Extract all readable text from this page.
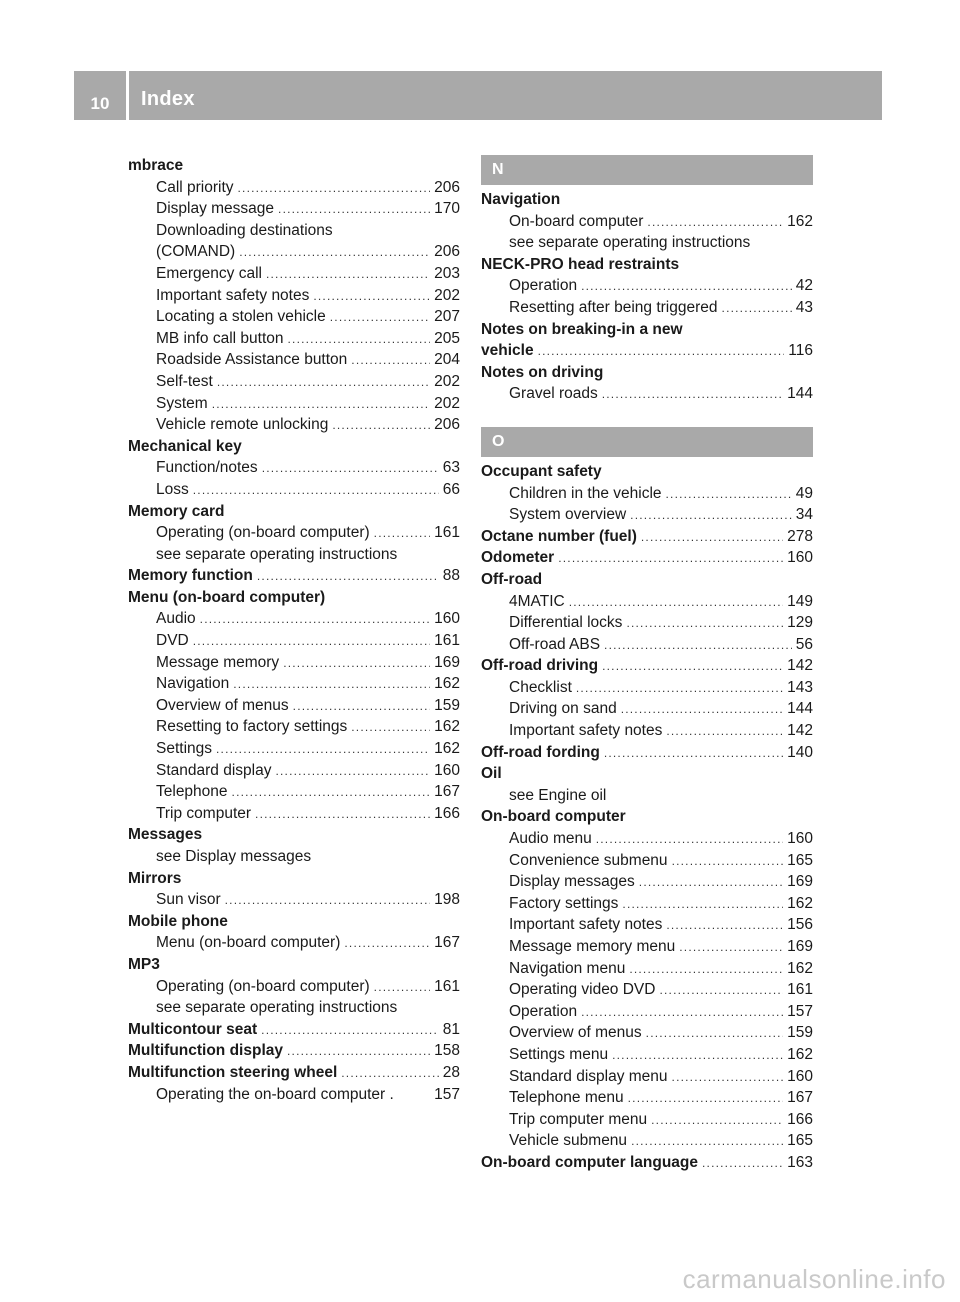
10	Index
mbrace
Call priority .....	206
Display message .....	170
Downloading destinations
(COMAND) .....	206
Emergency call .....	203
Important safety notes .....	202
Locating a stolen vehicle .....	207
MB info call button .....	205
Roadside Assistance button .....	204
Self-test .....	202
System .....	202
Vehicle remote unlocking .....	206
Mechanical key
Function/notes .....	63
Loss .....	66
Memory card
Operating (on-board computer) .....	161
see separate operating instructions
Memory function .....	88
Menu (on-board computer)
Audio .....	160
DVD .....	161
Message memory .....	169
Navigation .....	162
Overview of menus .....	159
Resetting to factory settings .....	162
Settings .....	162
Standard display .....	160
Telephone .....	167
Trip computer .....	166
Messages
see Display messages
Mirrors
Sun visor .....	198
Mobile phone
Menu (on-board computer) .....	167
MP3
Operating (on-board computer) .....	161
see separate operating instructions
Multicontour seat .....	81
Multifunction display .....	158
Multifunction steering wheel .....	28
Operating the on-board computer .	157
N
Navigation
On-board computer .....	162
see separate operating instructions
NECK-PRO head restraints
Operation .....	42
Resetting after being triggered .....	43
Notes on breaking-in a new
vehicle .....	116
Notes on driving
Gravel roads .....	144
O
Occupant safety
Children in the vehicle .....	49
System overview .....	34
Octane number (fuel) .....	278
Odometer .....	160
Off-road
4MATIC .....	149
Differential locks .....	129
Off-road ABS .....	56
Off-road driving .....	142
Checklist .....	143
Driving on sand .....	144
Important safety notes .....	142
Off-road fording .....	140
Oil
see Engine oil
On-board computer
Audio menu .....	160
Convenience submenu .....	165
Display messages .....	169
Factory settings .....	162
Important safety notes .....	156
Message memory menu .....	169
Navigation menu .....	162
Operating video DVD .....	161
Operation .....	157
Overview of menus .....	159
Settings menu .....	162
Standard display menu .....	160
Telephone menu .....	167
Trip computer menu .....	166
Vehicle submenu .....	165
On-board computer language .....	163
carmanualsonline.info
